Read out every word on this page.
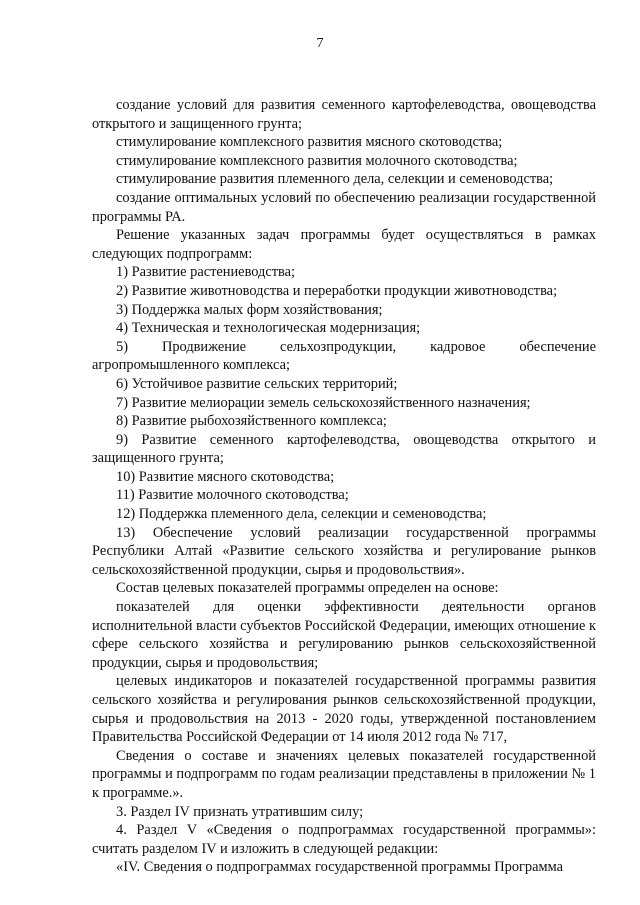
7

создание условий для развития семенного картофелеводства, овощеводства открытого и защищенного грунта;

стимулирование комплексного развития мясного скотоводства;

стимулирование комплексного развития молочного скотоводства;

стимулирование развития племенного дела, селекции и семеноводства;

создание оптимальных условий по обеспечению реализации государственной программы РА.

Решение указанных задач программы будет осуществляться в рамках следующих подпрограмм:

1) Развитие растениеводства;

2) Развитие животноводства и переработки продукции животноводства;

3) Поддержка малых форм хозяйствования;

4) Техническая и технологическая модернизация;

5) Продвижение сельхозпродукции, кадровое обеспечение агропромышленного комплекса;

6) Устойчивое развитие сельских территорий;

7) Развитие мелиорации земель сельскохозяйственного назначения;

8) Развитие рыбохозяйственного комплекса;

9) Развитие семенного картофелеводства, овощеводства открытого и защищенного грунта;

10) Развитие мясного скотоводства;

11) Развитие молочного скотоводства;

12) Поддержка племенного дела, селекции и семеноводства;

13) Обеспечение условий реализации государственной программы Республики Алтай «Развитие сельского хозяйства и регулирование рынков сельскохозяйственной продукции, сырья и продовольствия».

Состав целевых показателей программы определен на основе:

показателей для оценки эффективности деятельности органов исполнительной власти субъектов Российской Федерации, имеющих отношение к сфере сельского хозяйства и регулированию рынков сельскохозяйственной продукции, сырья и продовольствия;

целевых индикаторов и показателей государственной программы развития сельского хозяйства и регулирования рынков сельскохозяйственной продукции, сырья и продовольствия на 2013 - 2020 годы, утвержденной постановлением Правительства Российской Федерации от 14 июля 2012 года № 717,

Сведения о составе и значениях целевых показателей государственной программы и подпрограмм по годам реализации представлены в приложении № 1 к программе.».

3. Раздел IV признать утратившим силу;

4. Раздел V «Сведения о подпрограммах государственной программы»: считать разделом IV и изложить в следующей редакции:

«IV. Сведения о подпрограммах государственной программы Программа
